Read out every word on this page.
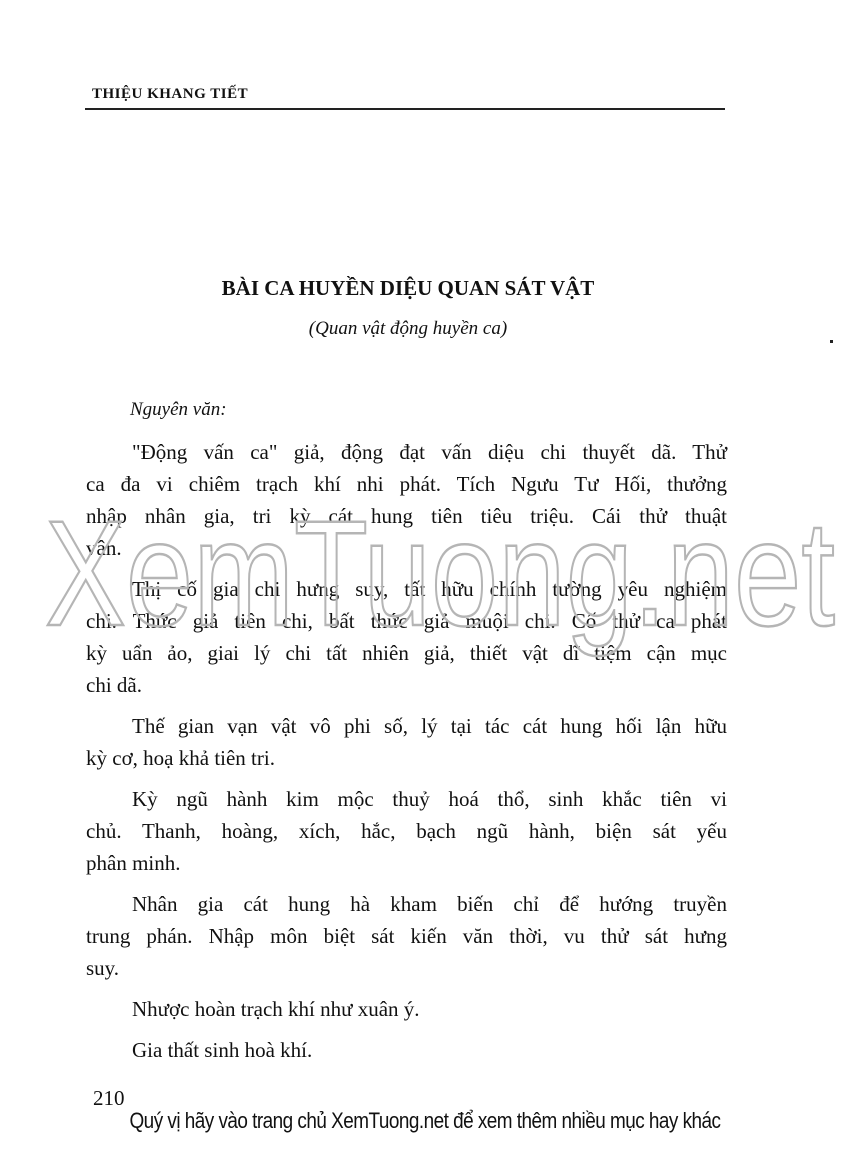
THIỆU KHANG TIẾT
BÀI CA HUYỀN DIỆU QUAN SÁT VẬT
(Quan vật động huyền ca)
Nguyên văn:
"Động vấn ca" giả, động đạt vấn diệu chi thuyết dã. Thử
ca đa vi chiêm trạch khí nhi phát. Tích Ngưu Tư Hối, thưởng
nhập nhân gia, tri kỳ cát hung tiên tiêu triệu. Cái thử thuật
vân.
Thị cố gia chi hưng suy, tất hữu chính tường yêu nghiệm
chi. Thức giả tiên chi, bất thức giả muội chi. Cố thử ca phát
kỳ uẩn ảo, giai lý chi tất nhiên giả, thiết vật dĩ tiệm cận mục
chi dã.
Thế gian vạn vật vô phi số, lý tại tác cát hung hối lận hữu
kỳ cơ, hoạ khả tiên tri.
Kỳ ngũ hành kim mộc thuỷ hoá thổ, sinh khắc tiên vi
chủ. Thanh, hoàng, xích, hắc, bạch ngũ hành, biện sát yếu
phân minh.
Nhân gia cát hung hà kham biến chỉ để hướng truyền
trung phán. Nhập môn biệt sát kiến văn thời, vu thử sát hưng
suy.
Nhược hoàn trạch khí như xuân ý.
Gia thất sinh hoà khí.
XemTuong.net
210
Quý vị hãy vào trang chủ XemTuong.net để xem thêm nhiều mục hay khác
